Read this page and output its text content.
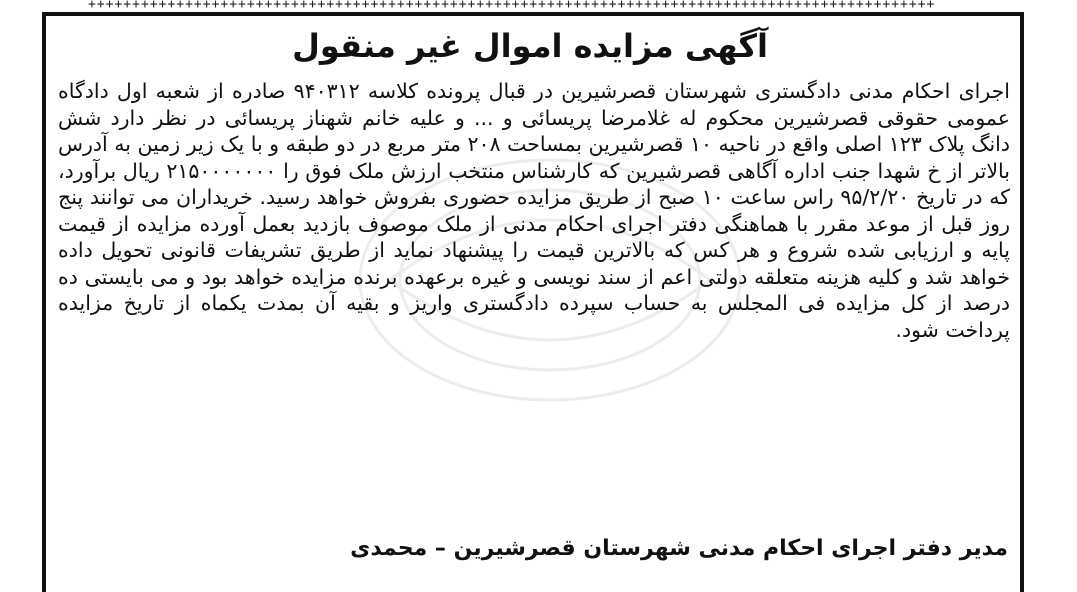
++++++++++++++++++++++++++++++++++++++++++++++++++++++++++++++++++++++++++++++++++++++++++++++++
آگهی مزایده اموال غیر منقول
اجرای احکام مدنی دادگستری شهرستان قصرشیرین در قبال پرونده کلاسه ۹۴۰۳۱۲ صادره از شعبه اول دادگاه عمومی حقوقی قصرشیرین محکوم له غلامرضا پریسائی و ... و علیه خانم شهناز پریسائی در نظر دارد شش دانگ پلاک ۱۲۳ اصلی واقع در ناحیه ۱۰ قصرشیرین بمساحت ۲۰۸ متر مربع در دو طبقه و با یک زیر زمین به آدرس بالاتر از خ شهدا جنب اداره آگاهی قصرشیرین که کارشناس منتخب ارزش ملک فوق را ۲۱۵۰۰۰۰۰۰۰ ریال برآورد، که در تاریخ ۹۵/۲/۲۰ راس ساعت ۱۰ صبح از طریق مزایده حضوری بفروش خواهد رسید. خریداران می توانند پنج روز قبل از موعد مقرر با هماهنگی دفتر اجرای احکام مدنی از ملک موصوف بازدید بعمل آورده مزایده از قیمت پایه و ارزیابی شده شروع و هر کس که بالاترین قیمت را پیشنهاد نماید از طریق تشریفات قانونی تحویل داده خواهد شد و کلیه هزینه متعلقه دولتی اعم از سند نویسی و غیره برعهده برنده مزایده خواهد بود و می بایستی ده درصد از کل مزایده فی المجلس به حساب سپرده دادگستری واریز و بقیه آن بمدت یکماه از تاریخ مزایده پرداخت شود.
مدیر دفتر اجرای احکام مدنی شهرستان قصرشیرین – محمدی
